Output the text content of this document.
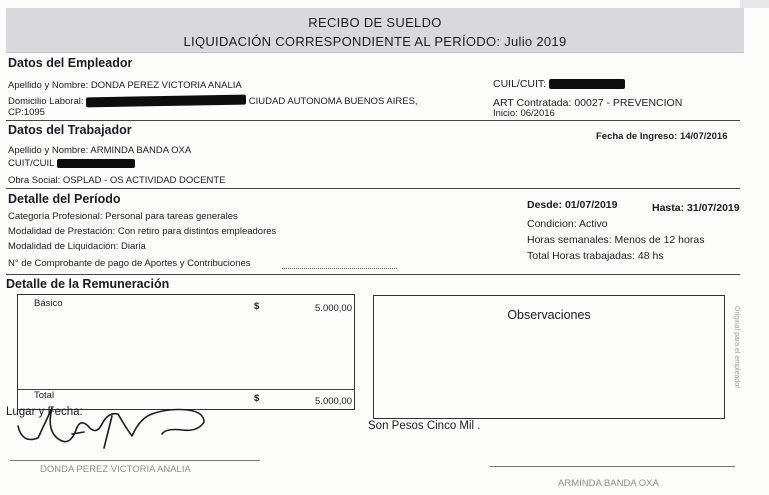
RECIBO DE SUELDO
LIQUIDACIÓN CORRESPONDIENTE AL PERÍODO: Julio 2019
Datos del Empleador
Apellido y Nombre: DONDA PEREZ VICTORIA ANALIA
Domicilio Laboral:	CIUDAD AUTONOMA BUENOS AIRES,
CP:1095
CUIL/CUIT:
ART Contratada: 00027 - PREVENCION
Inicio: 06/2016
Datos del Trabajador	Fecha de Ingreso: 14/07/2016
Apellido y Nombre: ARMINDA BANDA OXA
CUIT/CUIL
Obra Social: OSPLAD - OS ACTIVIDAD DOCENTE
Detalle del Período
Categoría Profesional: Personal para tareas generales
Modalidad de Prestación: Con retiro para distintos empleadores
Modalidad de Liquidación: Diaria
N° de Comprobante de pago de Aportes y Contribuciones
Desde: 01/07/2019	Hasta: 31/07/2019
Condicion: Activo
Horas semanales: Menos de 12 horas
Total Horas trabajadas: 48 hs
Detalle de la Remuneración
Básico	$	5.000,00
Total	$	5.000,00
Observaciones	Original para el empleador
Lugar y Fecha:
Son Pesos Cinco Mil .
DONDA PEREZ VICTORIA ANALIA
ARMINDA BANDA OXA
